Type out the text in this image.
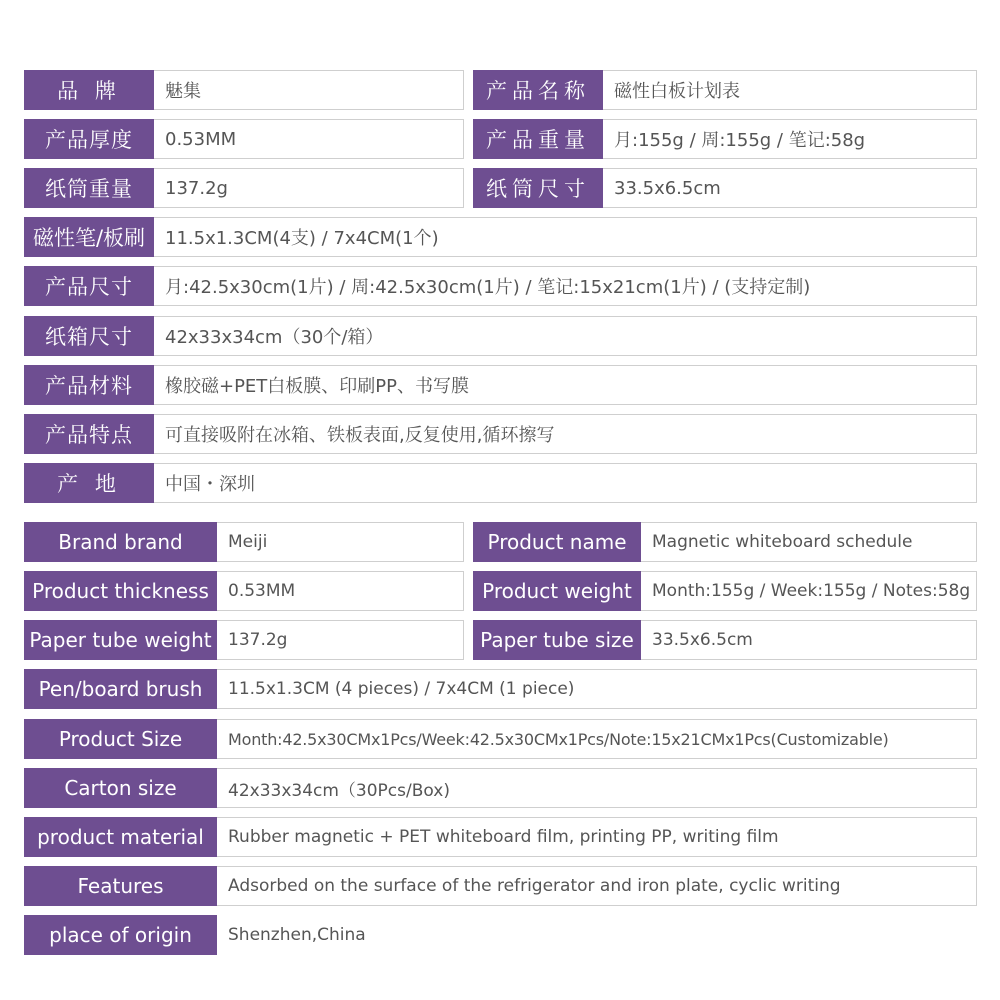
品 牌	魅集	产品名称	磁性白板计划表
产品厚度	0.53MM	产品重量	月:155g / 周:155g / 笔记:58g
纸筒重量	137.2g	纸筒尺寸	33.5x6.5cm
磁性笔/板刷	11.5x1.3CM(4支) / 7x4CM(1个)
产品尺寸	月:42.5x30cm(1片) / 周:42.5x30cm(1片) / 笔记:15x21cm(1片) / (支持定制)
纸箱尺寸	42x33x34cm（30个/箱）
产品材料	橡胶磁+PET白板膜、印刷PP、书写膜
产品特点	可直接吸附在冰箱、铁板表面,反复使用,循环擦写
产 地	中国・深圳
Brand brand	Meiji	Product name	Magnetic whiteboard schedule
Product thickness	0.53MM	Product weight	Month:155g / Week:155g / Notes:58g
Paper tube weight 137.2g	Paper tube size	33.5x6.5cm
Pen/board brush	11.5x1.3CM (4 pieces) / 7x4CM (1 piece)
Product Size	Month:42.5x30CMx1Pcs/Week:42.5x30CMx1Pcs/Note:15x21CMx1Pcs(Customizable)
Carton size	42x33x34cm（30Pcs/Box)
product material	Rubber magnetic + PET whiteboard film, printing PP, writing film
Features	Adsorbed on the surface of the refrigerator and iron plate, cyclic writing
place of origin	Shenzhen,China
